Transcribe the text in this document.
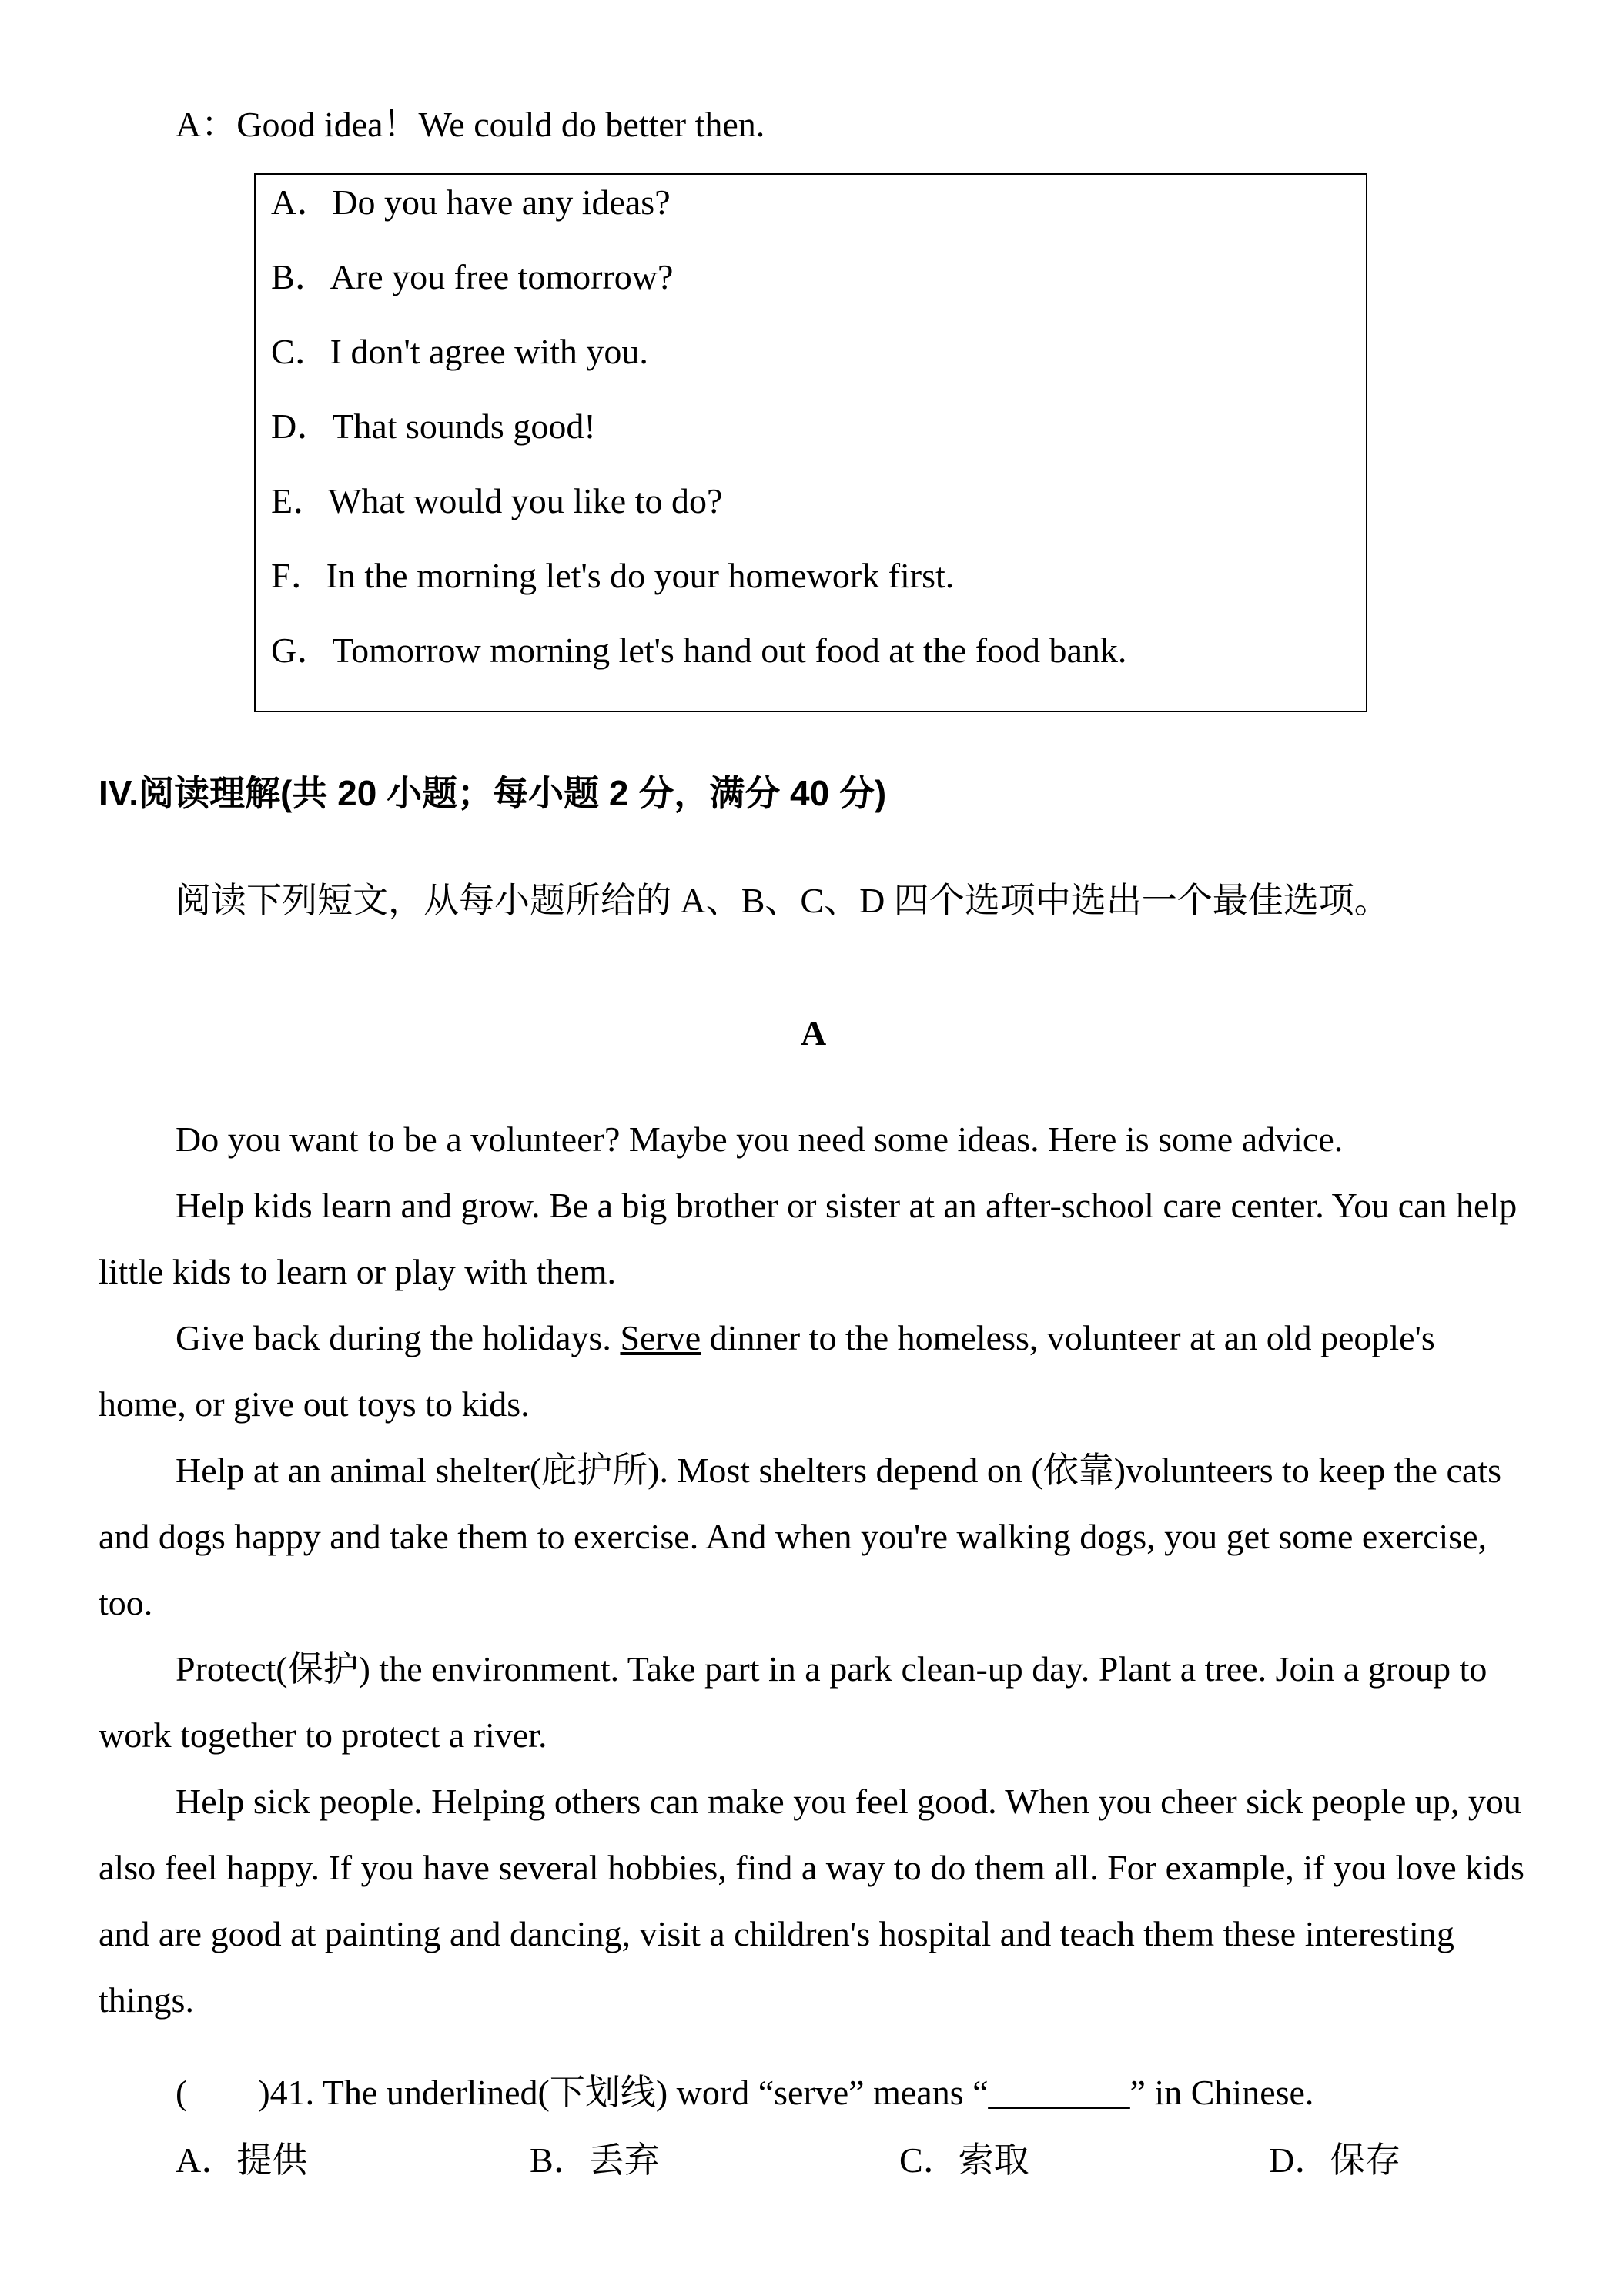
A：Good idea！We could do better then.
A．Do you have any ideas?
B．Are you free tomorrow?
C．I don't agree with you.
D．That sounds good!
E．What would you like to do?
F．In the morning let's do your homework first.
G．Tomorrow morning let's hand out food at the food bank.
IV.阅读理解(共 20 小题；每小题 2 分，满分 40 分)
阅读下列短文，从每小题所给的 A、B、C、D 四个选项中选出一个最佳选项。
A

Do you want to be a volunteer? Maybe you need some ideas. Here is some advice.

Help kids learn and grow. Be a big brother or sister at an after-school care center. You can help little kids to learn or play with them.

Give back during the holidays. Serve dinner to the homeless, volunteer at an old people's home, or give out toys to kids.

Help at an animal shelter(庇护所). Most shelters depend on (依靠)volunteers to keep the cats and dogs happy and take them to exercise. And when you're walking dogs, you get some exercise, too.

Protect(保护) the environment. Take part in a park clean-up day. Plant a tree. Join a group to work together to protect a river.

Help sick people. Helping others can make you feel good. When you cheer sick people up, you also feel happy. If you have several hobbies, find a way to do them all. For example, if you love kids and are good at painting and dancing, visit a children's hospital and teach them these interesting things.

(　　)41. The underlined(下划线) word “serve” means “________” in Chinese.
A．提供	B．丢弃	C．索取	D．保存
